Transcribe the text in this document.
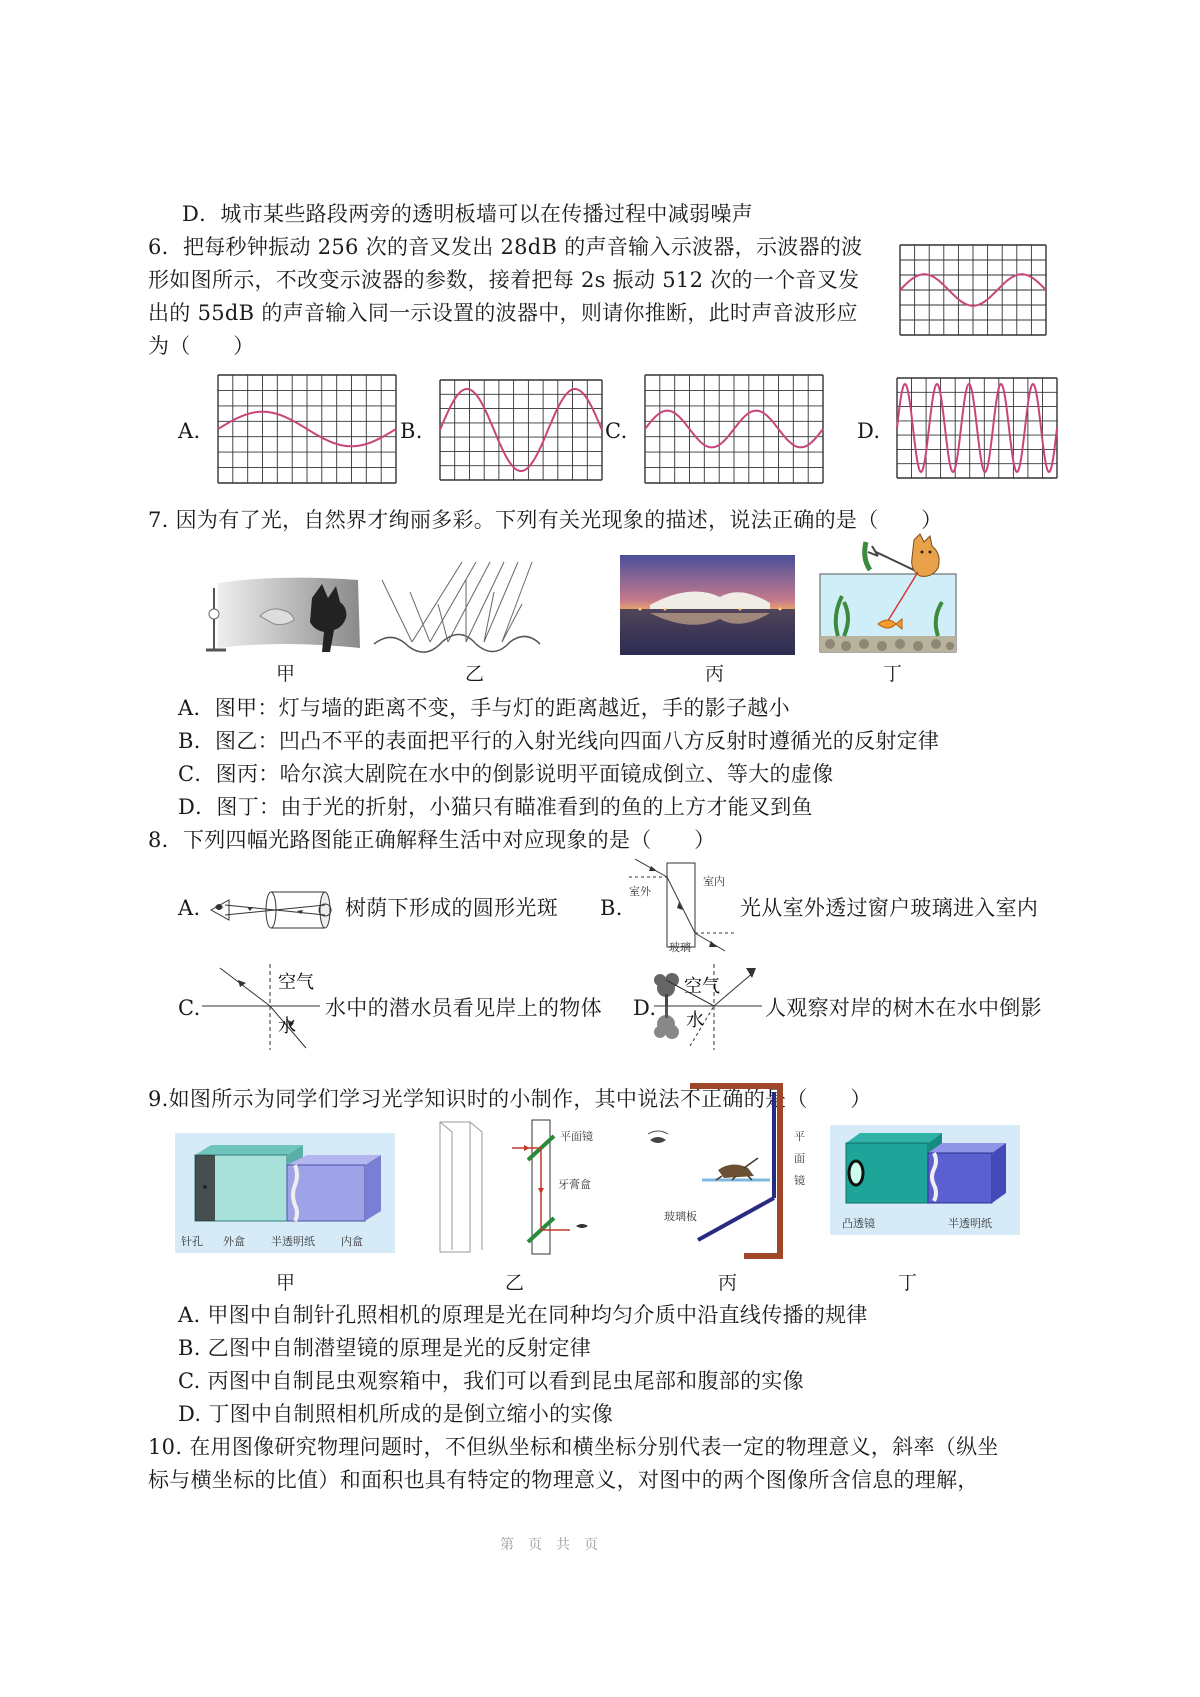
D．城市某些路段两旁的透明板墙可以在传播过程中减弱噪声
6．把每秒钟振动 256 次的音叉发出 28dB 的声音输入示波器，示波器的波
形如图所示，不改变示波器的参数，接着把每 2s 振动 512 次的一个音叉发
出的 55dB 的声音输入同一示设置的波器中，则请你推断，此时声音波形应
为（　　）
A.	B.	C.	D.
7. 因为有了光，自然界才绚丽多彩。下列有关光现象的描述，说法正确的是（　　）
甲	乙	丙	丁
A．图甲：灯与墙的距离不变，手与灯的距离越近，手的影子越小
B．图乙：凹凸不平的表面把平行的入射光线向四面八方反射时遵循光的反射定律
C．图丙：哈尔滨大剧院在水中的倒影说明平面镜成倒立、等大的虚像
D．图丁：由于光的折射，小猫只有瞄准看到的鱼的上方才能叉到鱼
8．下列四幅光路图能正确解释生活中对应现象的是（　　）
A.	树荫下形成的圆形光斑 B.
室外
室内
玻璃
光从室外透过窗户玻璃进入室内
C.
空气
水
水中的潜水员看见岸上的物体 D.
空气
水
人观察对岸的树木在水中倒影
9.如图所示为同学们学习光学知识时的小制作，其中说法不正确的是（　　）
针孔 外盒 半透明纸 内盒
甲
平面镜
牙膏盒
乙
玻璃板
平
面
镜
丙
凸透镜	半透明纸
丁
A. 甲图中自制针孔照相机的原理是光在同种均匀介质中沿直线传播的规律
B. 乙图中自制潜望镜的原理是光的反射定律
C. 丙图中自制昆虫观察箱中，我们可以看到昆虫尾部和腹部的实像
D. 丁图中自制照相机所成的是倒立缩小的实像
10. 在用图像研究物理问题时，不但纵坐标和横坐标分别代表一定的物理意义，斜率（纵坐
标与横坐标的比值）和面积也具有特定的物理意义，对图中的两个图像所含信息的理解，
第　页　共　页
